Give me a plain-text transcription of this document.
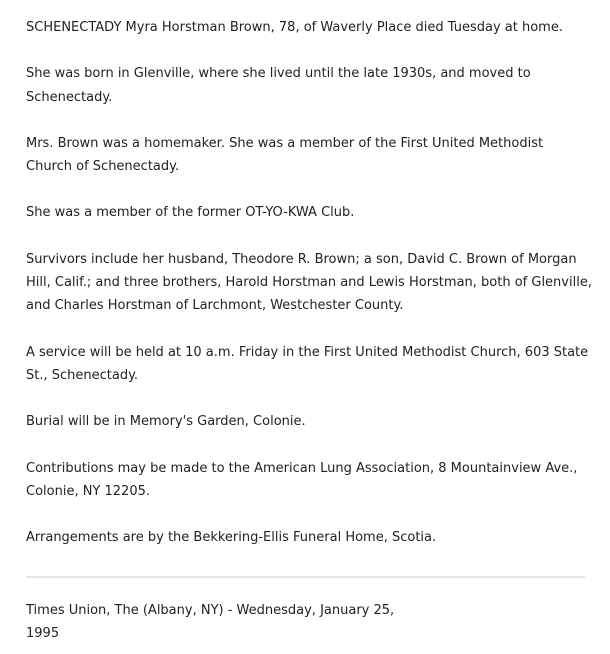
SCHENECTADY Myra Horstman Brown, 78, of Waverly Place died Tuesday at home.

She was born in Glenville, where she lived until the late 1930s, and moved to Schenectady.

Mrs. Brown was a homemaker. She was a member of the First United Methodist Church of Schenectady.

She was a member of the former OT-YO-KWA Club.

Survivors include her husband, Theodore R. Brown; a son, David C. Brown of Morgan Hill, Calif.; and three brothers, Harold Horstman and Lewis Horstman, both of Glenville, and Charles Horstman of Larchmont, Westchester County.

A service will be held at 10 a.m. Friday in the First United Methodist Church, 603 State St., Schenectady.

Burial will be in Memory's Garden, Colonie.

Contributions may be made to the American Lung Association, 8 Mountainview Ave., Colonie, NY 12205.

Arrangements are by the Bekkering-Ellis Funeral Home, Scotia.

Times Union, The (Albany, NY) - Wednesday, January 25,
1995
